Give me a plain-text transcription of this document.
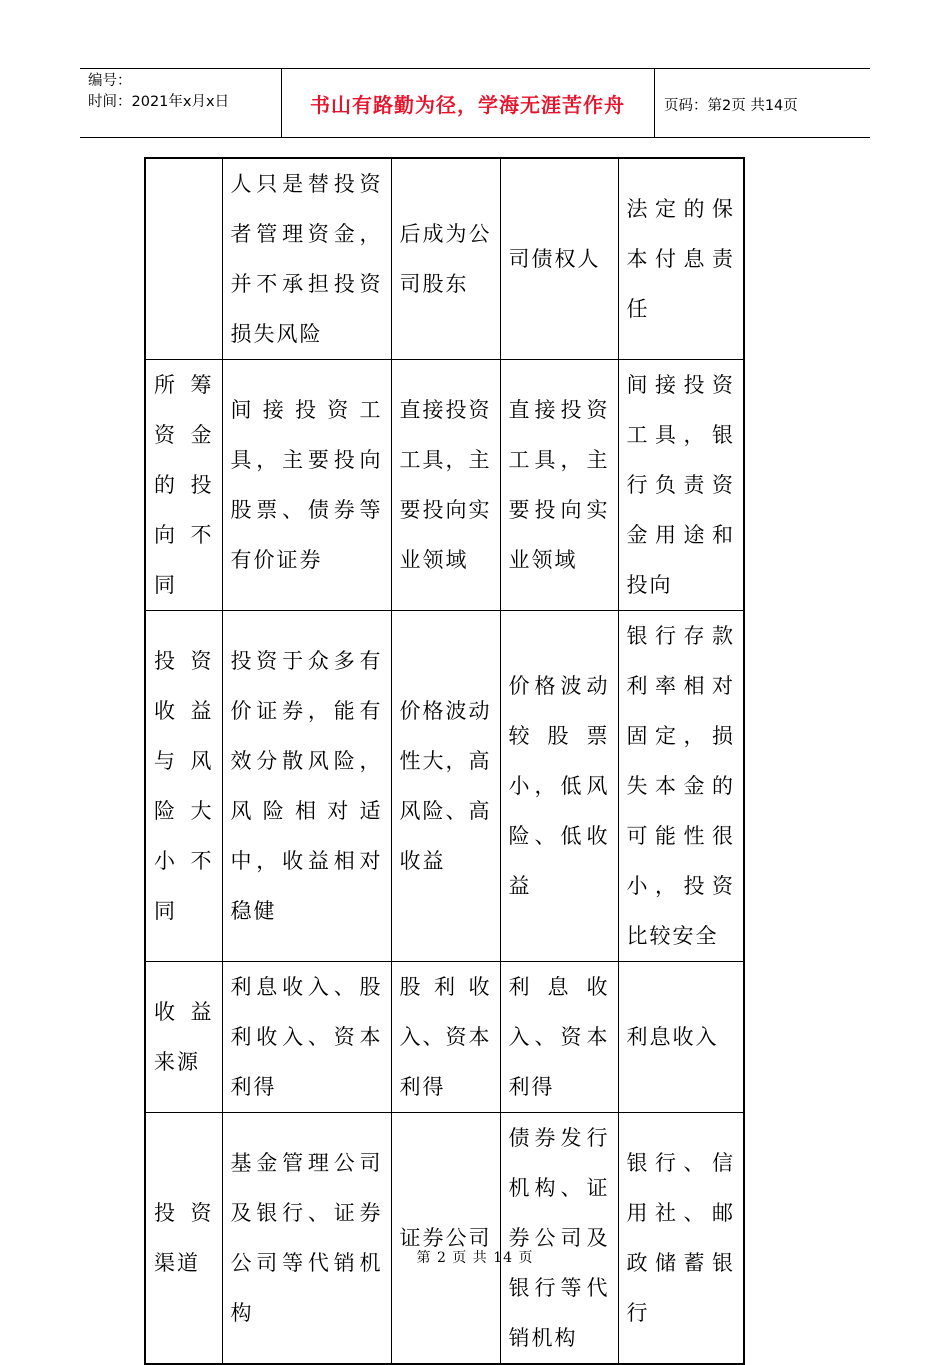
编号：
时间：2021年x月x日	书山有路勤为径，学海无涯苦作舟	页码：第2页 共14页
	人只是替投资者管理资金，并不承担投资损失风险	后成为公司股东	司债权人	法定的保本付息责任
所筹资金的投向不同	间接投资工具，主要投向股票、债券等有价证券	直接投资工具，主要投向实业领域	直接投资工具，主要投向实业领域	间接投资工具，银行负责资金用途和投向
投资收益与风险大小不同	投资于众多有价证券，能有效分散风险，风险相对适中，收益相对稳健	价格波动性大，高风险、高收益	价格波动较股票小，低风险、低收益	银行存款利率相对固定，损失本金的可能性很小，投资比较安全
收益来源	利息收入、股利收入、资本利得	股利收入、资本利得	利息收入、资本利得	利息收入
投资渠道	基金管理公司及银行、证券公司等代销机构	证券公司	债券发行机构、证券公司及银行等代销机构	银行、信用社、邮政储蓄银行
第 2 页 共 14 页
